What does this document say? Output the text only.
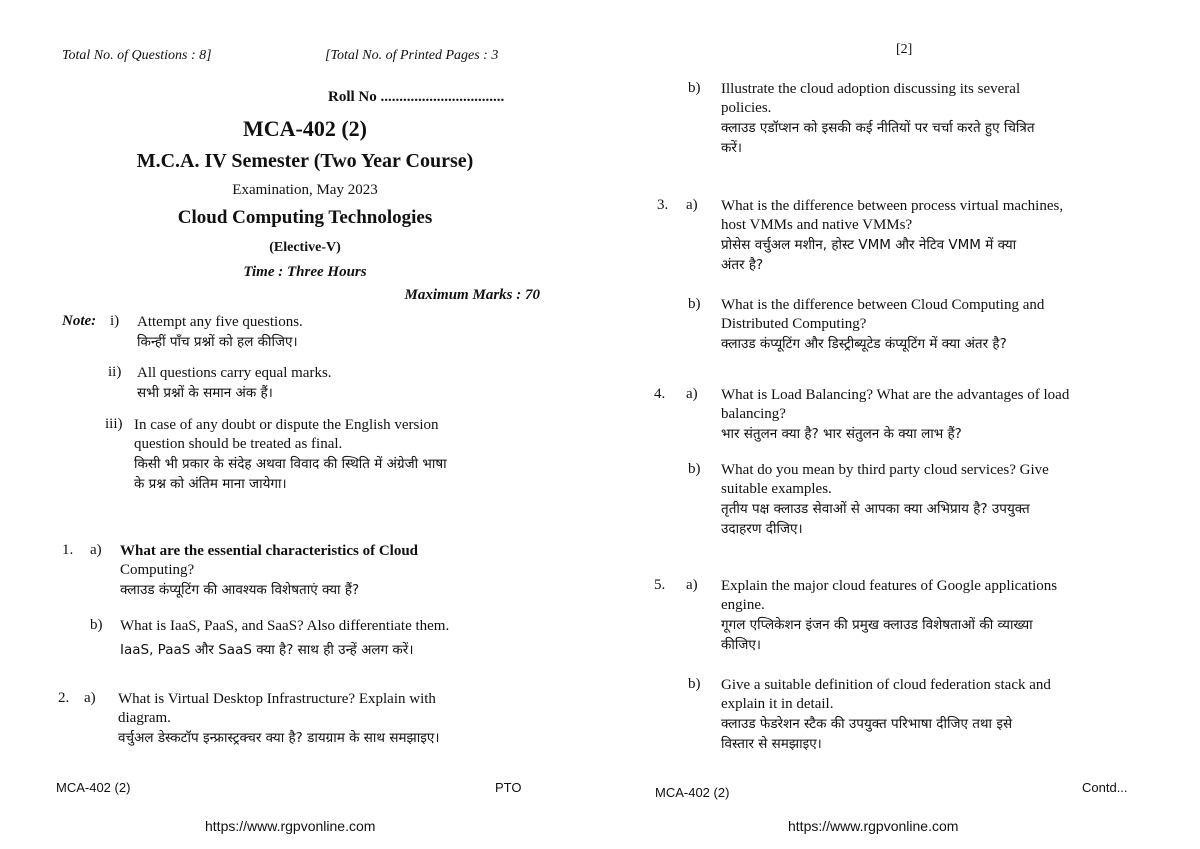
Total No. of Questions : 8]	[Total No. of Printed Pages : 3
Roll No .................................
MCA-402 (2)
M.C.A. IV Semester (Two Year Course)
Examination, May 2023
Cloud Computing Technologies
(Elective-V)
Time : Three Hours
Maximum Marks : 70
Note: i) Attempt any five questions.
किन्हीं पाँच प्रश्नों को हल कीजिए।
ii) All questions carry equal marks.
सभी प्रश्नों के समान अंक हैं।
iii) In case of any doubt or dispute the English version
question should be treated as final.
किसी भी प्रकार के संदेह अथवा विवाद की स्थिति में अंग्रेजी भाषा
के प्रश्न को अंतिम माना जायेगा।
1. a) What are the essential characteristics of Cloud
Computing?
क्लाउड कंप्यूटिंग की आवश्यक विशेषताएं क्या हैं?
b) What is IaaS, PaaS, and SaaS? Also differentiate them.
IaaS, PaaS और SaaS क्या है? साथ ही उन्हें अलग करें।
2. a) What is Virtual Desktop Infrastructure? Explain with
diagram.
वर्चुअल डेस्कटॉप इन्फ्रास्ट्रक्चर क्या है? डायग्राम के साथ समझाइए।
MCA-402 (2)	PTO
https://www.rgpvonline.com
[2]
b) Illustrate the cloud adoption discussing its several
policies.
क्लाउड एडॉप्शन को इसकी कई नीतियों पर चर्चा करते हुए चित्रित
करें।
3. a) What is the difference between process virtual machines,
host VMMs and native VMMs?
प्रोसेस वर्चुअल मशीन, होस्ट VMM और नेटिव VMM में क्या
अंतर है?
b) What is the difference between Cloud Computing and
Distributed Computing?
क्लाउड कंप्यूटिंग और डिस्ट्रीब्यूटेड कंप्यूटिंग में क्या अंतर है?
4. a) What is Load Balancing? What are the advantages of load
balancing?
भार संतुलन क्या है? भार संतुलन के क्या लाभ हैं?
b) What do you mean by third party cloud services? Give
suitable examples.
तृतीय पक्ष क्लाउड सेवाओं से आपका क्या अभिप्राय है? उपयुक्त
उदाहरण दीजिए।
5. a) Explain the major cloud features of Google applications
engine.
गूगल एप्लिकेशन इंजन की प्रमुख क्लाउड विशेषताओं की व्याख्या
कीजिए।
b) Give a suitable definition of cloud federation stack and
explain it in detail.
क्लाउड फेडरेशन स्टैक की उपयुक्त परिभाषा दीजिए तथा इसे
विस्तार से समझाइए।
MCA-402 (2)	Contd...
https://www.rgpvonline.com
